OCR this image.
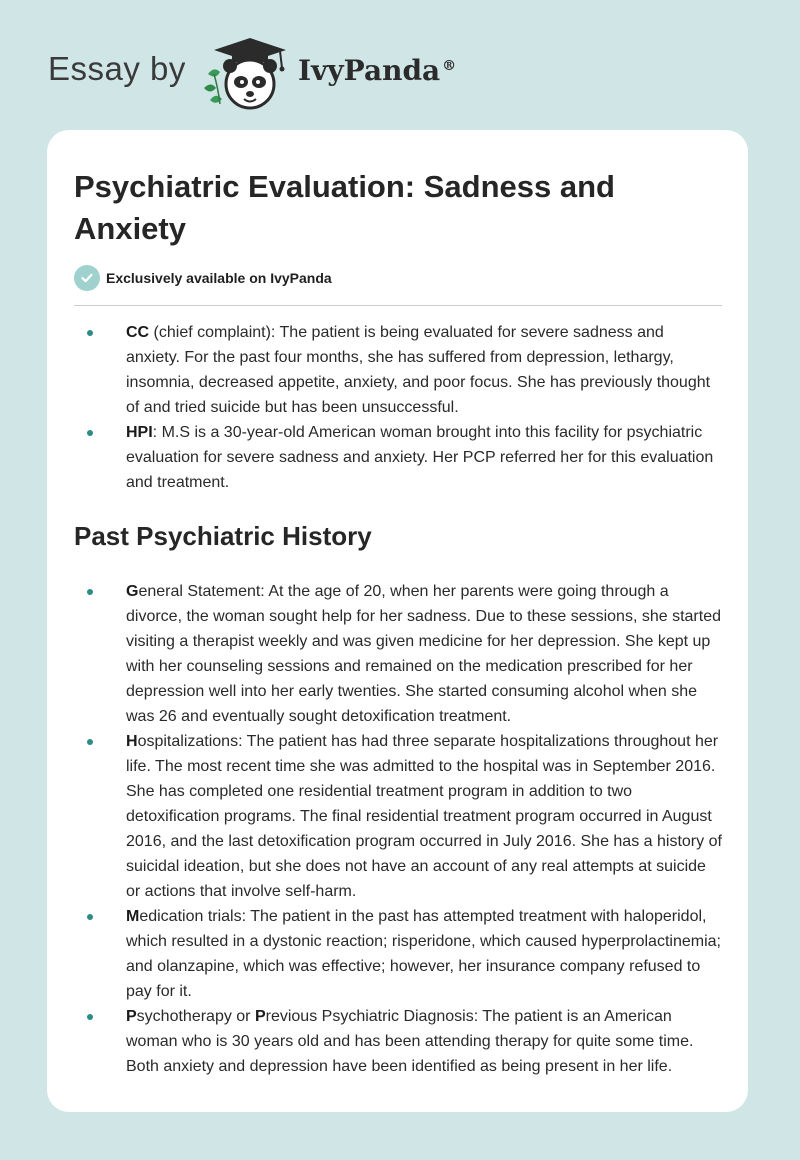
Essay by	IvyPanda ®
Psychiatric Evaluation: Sadness and Anxiety
Exclusively available on IvyPanda
CC (chief complaint): The patient is being evaluated for severe sadness and anxiety. For the past four months, she has suffered from depression, lethargy, insomnia, decreased appetite, anxiety, and poor focus. She has previously thought of and tried suicide but has been unsuccessful.
HPI: M.S is a 30-year-old American woman brought into this facility for psychiatric evaluation for severe sadness and anxiety. Her PCP referred her for this evaluation and treatment.
Past Psychiatric History
General Statement: At the age of 20, when her parents were going through a divorce, the woman sought help for her sadness. Due to these sessions, she started visiting a therapist weekly and was given medicine for her depression. She kept up with her counseling sessions and remained on the medication prescribed for her depression well into her early twenties. She started consuming alcohol when she was 26 and eventually sought detoxification treatment.
Hospitalizations: The patient has had three separate hospitalizations throughout her life. The most recent time she was admitted to the hospital was in September 2016. She has completed one residential treatment program in addition to two detoxification programs. The final residential treatment program occurred in August 2016, and the last detoxification program occurred in July 2016. She has a history of suicidal ideation, but she does not have an account of any real attempts at suicide or actions that involve self-harm.
Medication trials: The patient in the past has attempted treatment with haloperidol, which resulted in a dystonic reaction; risperidone, which caused hyperprolactinemia; and olanzapine, which was effective; however, her insurance company refused to pay for it.
Psychotherapy or Previous Psychiatric Diagnosis: The patient is an American woman who is 30 years old and has been attending therapy for quite some time. Both anxiety and depression have been identified as being present in her life.
